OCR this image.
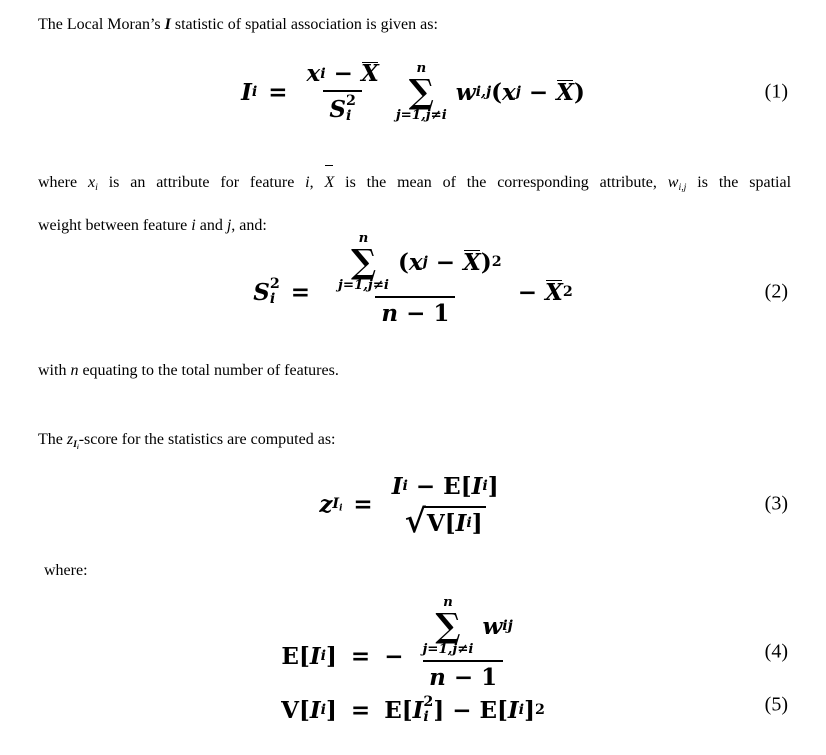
The Local Moran’s I statistic of spatial association is given as:

I i = x i − X
S 2
i n
∑
j=1,j≠i
w i,j ( x j − X )	(1)

where xi is an attribute for feature i, X is the mean of the corresponding attribute, wi,j is the spatial
weight between feature i and j, and:

S 2
i = n
∑
j=1,j≠i
( x j − X ) 2
n − 1 − X 2	(2)

with n equating to the total number of features.

The zIi-score for the statistics are computed as:

z Ii =
I i − E [ I i ]
√ V [ I i ]
(3)

where:

E [ I i ] = − n
∑
j=1,j≠i
w ij
n − 1
V [ I i ] = E [ I 2
i ] − E [ I i ] 2
(4)
(5)
